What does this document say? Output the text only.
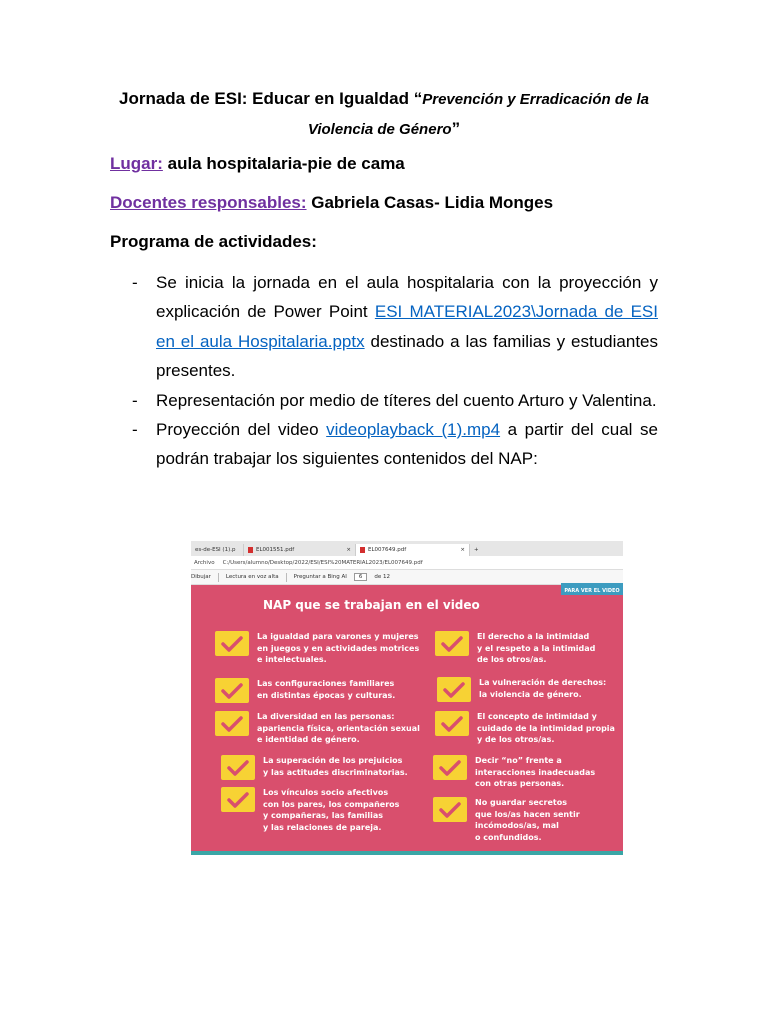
Jornada de ESI: Educar en Igualdad “Prevención y Erradicación de la Violencia de Género”
Lugar: aula hospitalaria-pie de cama
Docentes responsables: Gabriela Casas- Lidia Monges
Programa de actividades:
- Se inicia la jornada en el aula hospitalaria con la proyección y explicación de Power Point ESI MATERIAL2023\Jornada de ESI en el aula Hospitalaria.pptx destinado a las familias y estudiantes presentes.
- Representación por medio de títeres del cuento Arturo y Valentina.
- Proyección del video videoplayback (1).mp4 a partir del cual se podrán trabajar los siguientes contenidos del NAP:
es-de-ESI (1).p	EL001551.pdf	×	EL007649.pdf	×	+
Archivo C:/Users/alumno/Desktop/2022/ESI/ESI%20MATERIAL2023/EL007649.pdf
Dibujar	Lectura en voz alta	Preguntar a Bing AI	6	de 12
PARA VER EL VIDEO
NAP que se trabajan en el video
La igualdad para varones y mujeres
en juegos y en actividades motrices
e intelectuales.
Las configuraciones familiares
en distintas épocas y culturas.
La diversidad en las personas:
apariencia física, orientación sexual
e identidad de género.
La superación de los prejuicios
y las actitudes discriminatorias.
Los vínculos socio afectivos
con los pares, los compañeros
y compañeras, las familias
y las relaciones de pareja.
El derecho a la intimidad
y el respeto a la intimidad
de los otros/as.
La vulneración de derechos:
la violencia de género.
El concepto de intimidad y
cuidado de la intimidad propia
y de los otros/as.
Decir “no” frente a
interacciones inadecuadas
con otras personas.
No guardar secretos
que los/as hacen sentir
incómodos/as, mal
o confundidos.
